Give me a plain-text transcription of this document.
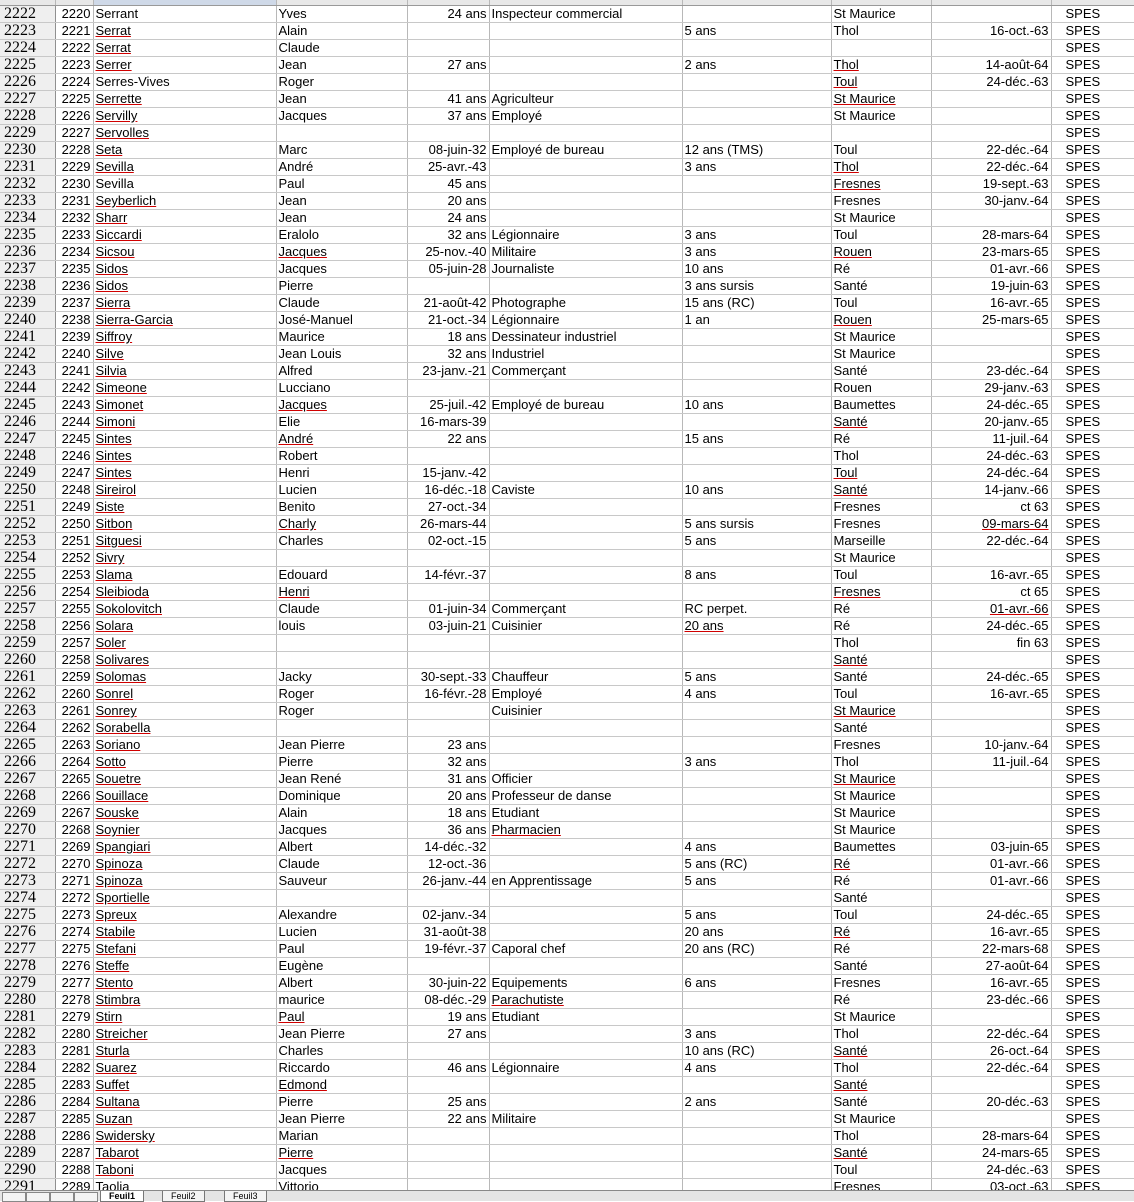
2222	2220	Serrant	Yves	24 ans	Inspecteur commercial		St Maurice		SPES
2223	2221	Serrat	Alain			5 ans	Thol	16-oct.-63	SPES
2224	2222	Serrat	Claude						SPES
2225	2223	Serrer	Jean	27 ans		2 ans	Thol	14-août-64	SPES
2226	2224	Serres-Vives	Roger				Toul	24-déc.-63	SPES
2227	2225	Serrette	Jean	41 ans	Agriculteur		St Maurice		SPES
2228	2226	Servilly	Jacques	37 ans	Employé		St Maurice		SPES
2229	2227	Servolles							SPES
2230	2228	Seta	Marc	08-juin-32	Employé de bureau	12 ans (TMS)	Toul	22-déc.-64	SPES
2231	2229	Sevilla	André	25-avr.-43		3 ans	Thol	22-déc.-64	SPES
2232	2230	Sevilla	Paul	45 ans			Fresnes	19-sept.-63	SPES
2233	2231	Seyberlich	Jean	20 ans			Fresnes	30-janv.-64	SPES
2234	2232	Sharr	Jean	24 ans			St Maurice		SPES
2235	2233	Siccardi	Eralolo	32 ans	Légionnaire	3 ans	Toul	28-mars-64	SPES
2236	2234	Sicsou	Jacques	25-nov.-40	Militaire	3 ans	Rouen	23-mars-65	SPES
2237	2235	Sidos	Jacques	05-juin-28	Journaliste	10 ans	Ré	01-avr.-66	SPES
2238	2236	Sidos	Pierre			3 ans sursis	Santé	19-juin-63	SPES
2239	2237	Sierra	Claude	21-août-42	Photographe	15 ans (RC)	Toul	16-avr.-65	SPES
2240	2238	Sierra-Garcia	José-Manuel	21-oct.-34	Légionnaire	1 an	Rouen	25-mars-65	SPES
2241	2239	Siffroy	Maurice	18 ans	Dessinateur industriel		St Maurice		SPES
2242	2240	Silve	Jean Louis	32 ans	Industriel		St Maurice		SPES
2243	2241	Silvia	Alfred	23-janv.-21	Commerçant		Santé	23-déc.-64	SPES
2244	2242	Simeone	Lucciano				Rouen	29-janv.-63	SPES
2245	2243	Simonet	Jacques	25-juil.-42	Employé de bureau	10 ans	Baumettes	24-déc.-65	SPES
2246	2244	Simoni	Elie	16-mars-39			Santé	20-janv.-65	SPES
2247	2245	Sintes	André	22 ans		15 ans	Ré	11-juil.-64	SPES
2248	2246	Sintes	Robert				Thol	24-déc.-63	SPES
2249	2247	Sintes	Henri	15-janv.-42			Toul	24-déc.-64	SPES
2250	2248	Sireirol	Lucien	16-déc.-18	Caviste	10 ans	Santé	14-janv.-66	SPES
2251	2249	Siste	Benito	27-oct.-34			Fresnes	ct 63	SPES
2252	2250	Sitbon	Charly	26-mars-44		5 ans sursis	Fresnes	09-mars-64	SPES
2253	2251	Sitguesi	Charles	02-oct.-15		5 ans	Marseille	22-déc.-64	SPES
2254	2252	Sivry					St Maurice		SPES
2255	2253	Slama	Edouard	14-févr.-37		8 ans	Toul	16-avr.-65	SPES
2256	2254	Sleibioda	Henri				Fresnes	ct 65	SPES
2257	2255	Sokolovitch	Claude	01-juin-34	Commerçant	RC perpet.	Ré	01-avr.-66	SPES
2258	2256	Solara	louis	03-juin-21	Cuisinier	20 ans	Ré	24-déc.-65	SPES
2259	2257	Soler					Thol	fin 63	SPES
2260	2258	Solivares					Santé		SPES
2261	2259	Solomas	Jacky	30-sept.-33	Chauffeur	5 ans	Santé	24-déc.-65	SPES
2262	2260	Sonrel	Roger	16-févr.-28	Employé	4 ans	Toul	16-avr.-65	SPES
2263	2261	Sonrey	Roger		Cuisinier		St Maurice		SPES
2264	2262	Sorabella					Santé		SPES
2265	2263	Soriano	Jean Pierre	23 ans			Fresnes	10-janv.-64	SPES
2266	2264	Sotto	Pierre	32 ans		3 ans	Thol	11-juil.-64	SPES
2267	2265	Souetre	Jean René	31 ans	Officier		St Maurice		SPES
2268	2266	Souillace	Dominique	20 ans	Professeur de danse		St Maurice		SPES
2269	2267	Souske	Alain	18 ans	Etudiant		St Maurice		SPES
2270	2268	Soynier	Jacques	36 ans	Pharmacien		St Maurice		SPES
2271	2269	Spangiari	Albert	14-déc.-32		4 ans	Baumettes	03-juin-65	SPES
2272	2270	Spinoza	Claude	12-oct.-36		5 ans (RC)	Ré	01-avr.-66	SPES
2273	2271	Spinoza	Sauveur	26-janv.-44	en Apprentissage	5 ans	Ré	01-avr.-66	SPES
2274	2272	Sportielle					Santé		SPES
2275	2273	Spreux	Alexandre	02-janv.-34		5 ans	Toul	24-déc.-65	SPES
2276	2274	Stabile	Lucien	31-août-38		20 ans	Ré	16-avr.-65	SPES
2277	2275	Stefani	Paul	19-févr.-37	Caporal chef	20 ans (RC)	Ré	22-mars-68	SPES
2278	2276	Steffe	Eugène				Santé	27-août-64	SPES
2279	2277	Stento	Albert	30-juin-22	Equipements	6 ans	Fresnes	16-avr.-65	SPES
2280	2278	Stimbra	maurice	08-déc.-29	Parachutiste		Ré	23-déc.-66	SPES
2281	2279	Stirn	Paul	19 ans	Etudiant		St Maurice		SPES
2282	2280	Streicher	Jean Pierre	27 ans		3 ans	Thol	22-déc.-64	SPES
2283	2281	Sturla	Charles			10 ans (RC)	Santé	26-oct.-64	SPES
2284	2282	Suarez	Riccardo	46 ans	Légionnaire	4 ans	Thol	22-déc.-64	SPES
2285	2283	Suffet	Edmond				Santé		SPES
2286	2284	Sultana	Pierre	25 ans		2 ans	Santé	20-déc.-63	SPES
2287	2285	Suzan	Jean Pierre	22 ans	Militaire		St Maurice		SPES
2288	2286	Swidersky	Marian				Thol	28-mars-64	SPES
2289	2287	Tabarot	Pierre				Santé	24-mars-65	SPES
2290	2288	Taboni	Jacques				Toul	24-déc.-63	SPES
2291	2289	Taolia	Vittorio				Fresnes	03-oct.-63	SPES
Feuil1	Feuil2	Feuil3
